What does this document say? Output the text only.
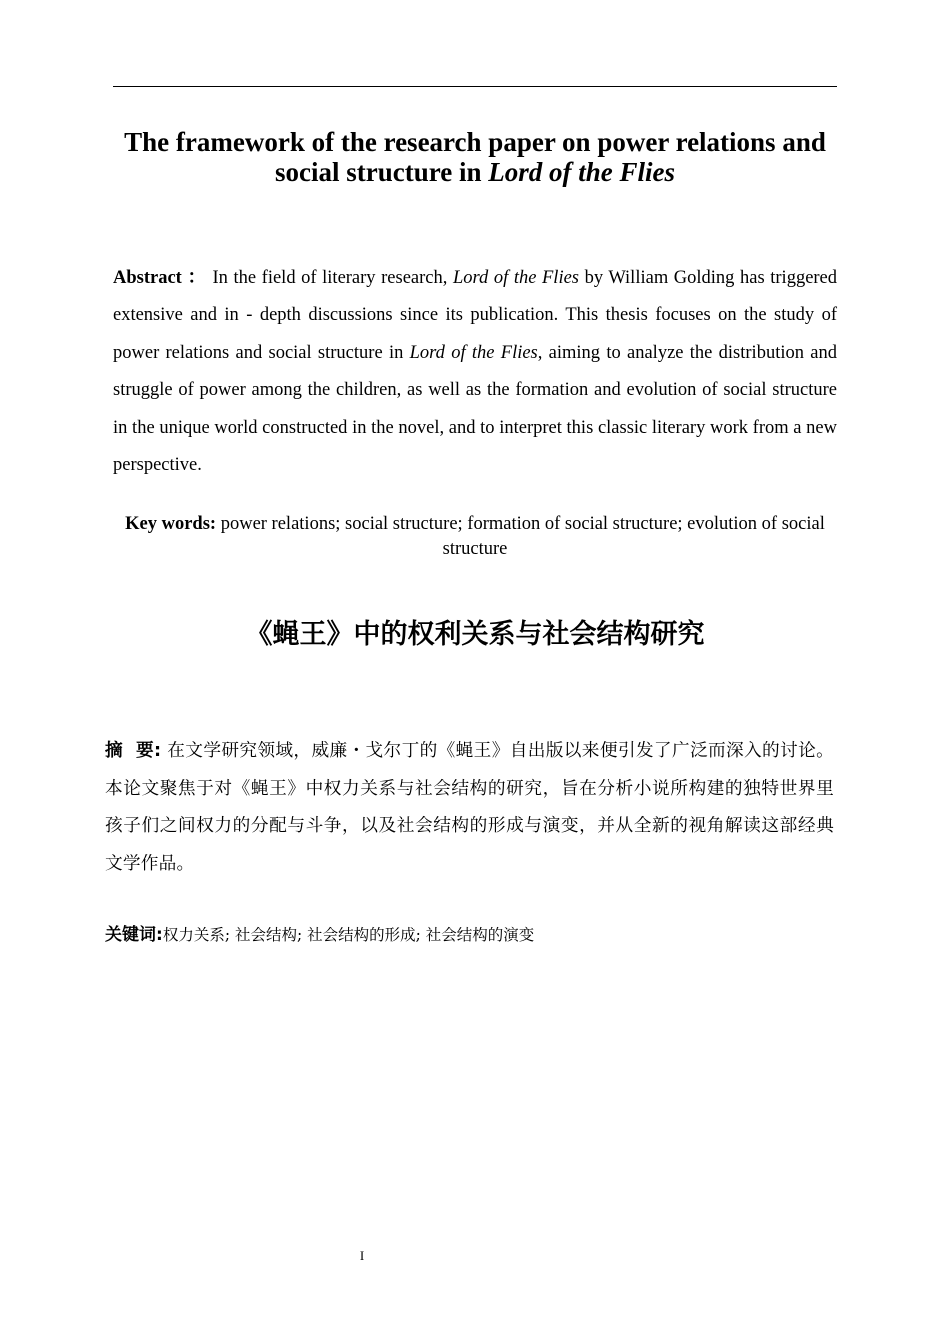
The framework of the research paper on power relations and social structure in Lord of the Flies

Abstract ： In the field of literary research, Lord of the Flies by William Golding has triggered extensive and in - depth discussions since its publication. This thesis focuses on the study of power relations and social structure in Lord of the Flies, aiming to analyze the distribution and struggle of power among the children, as well as the formation and evolution of social structure in the unique world constructed in the novel, and to interpret this classic literary work from a new perspective.

Key words: power relations; social structure; formation of social structure; evolution of social structure

《蝇王》中的权利关系与社会结构研究

摘  要: 在文学研究领域，威廉・戈尔丁的《蝇王》自出版以来便引发了广泛而深入的讨论。本论文聚焦于对《蝇王》中权力关系与社会结构的研究，旨在分析小说所构建的独特世界里孩子们之间权力的分配与斗争，以及社会结构的形成与演变，并从全新的视角解读这部经典文学作品。

关键词:权力关系; 社会结构; 社会结构的形成; 社会结构的演变

I
